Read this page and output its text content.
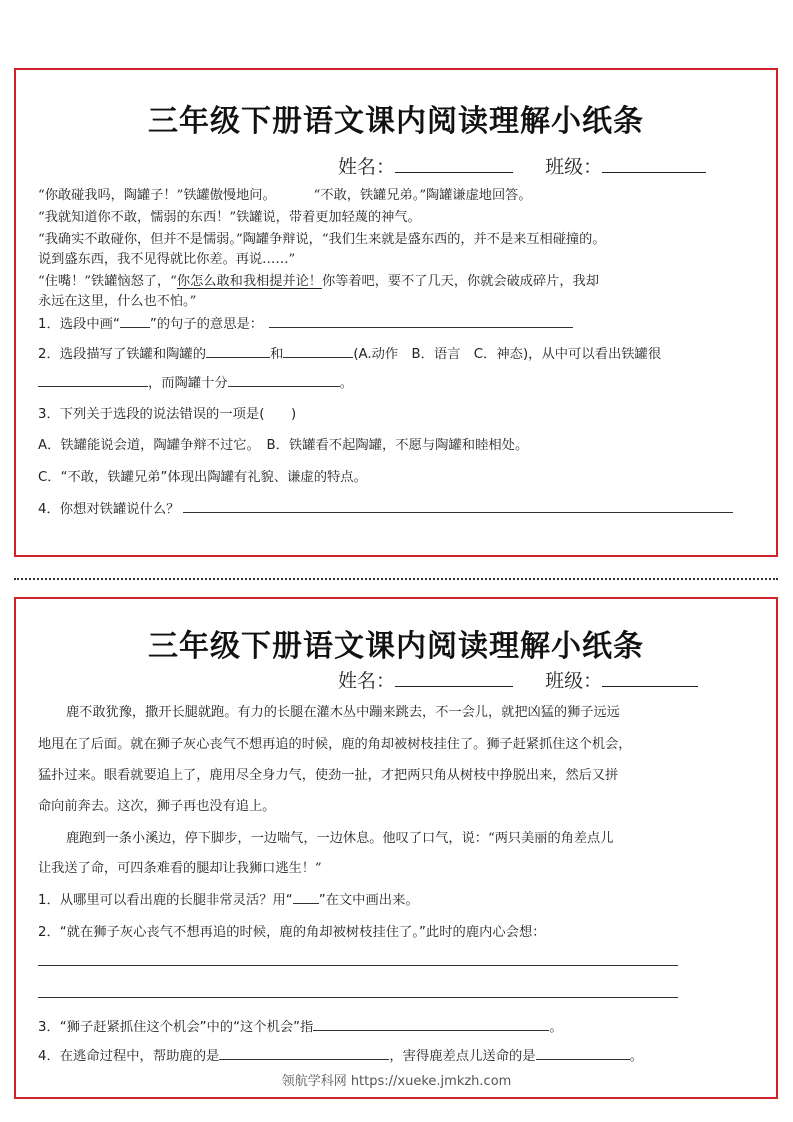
三年级下册语文课内阅读理解小纸条
姓名：	班级：
“你敢碰我吗，陶罐子！”铁罐傲慢地问。	“不敢，铁罐兄弟。”陶罐谦虚地回答。
“我就知道你不敢，懦弱的东西！”铁罐说，带着更加轻蔑的神气。
“我确实不敢碰你，但并不是懦弱。”陶罐争辩说，“我们生来就是盛东西的，并不是来互相碰撞的。
说到盛东西，我不见得就比你差。再说……”
“住嘴！”铁罐恼怒了，“你怎么敢和我相提并论！你等着吧，要不了几天，你就会破成碎片，我却
永远在这里，什么也不怕。”
1．选段中画“ ”的句子的意思是：
2．选段描写了铁罐和陶罐的	和	(A.动作　B．语言　C．神态)，从中可以看出铁罐很
，而陶罐十分	。
3．下列关于选段的说法错误的一项是(　　)
A．铁罐能说会道，陶罐争辩不过它。　B．铁罐看不起陶罐，不愿与陶罐和睦相处。
C．“不敢，铁罐兄弟”体现出陶罐有礼貌、谦虚的特点。
4．你想对铁罐说什么？
三年级下册语文课内阅读理解小纸条
姓名：	班级：
鹿不敢犹豫，撒开长腿就跑。有力的长腿在灌木丛中蹦来跳去，不一会儿，就把凶猛的狮子远远
地甩在了后面。就在狮子灰心丧气不想再追的时候，鹿的角却被树枝挂住了。狮子赶紧抓住这个机会，
猛扑过来。眼看就要追上了，鹿用尽全身力气，使劲一扯，才把两只角从树枝中挣脱出来，然后又拼
命向前奔去。这次，狮子再也没有追上。
鹿跑到一条小溪边，停下脚步，一边喘气，一边休息。他叹了口气，说：“两只美丽的角差点儿
让我送了命，可四条难看的腿却让我狮口逃生！”
1．从哪里可以看出鹿的长腿非常灵活？用“ ”在文中画出来。
2．“就在狮子灰心丧气不想再追的时候，鹿的角却被树枝挂住了。”此时的鹿内心会想：
3．“狮子赶紧抓住这个机会”中的“这个机会”指	。
4．在逃命过程中，帮助鹿的是	，害得鹿差点儿送命的是	。
领航学科网 https://xueke.jmkzh.com
